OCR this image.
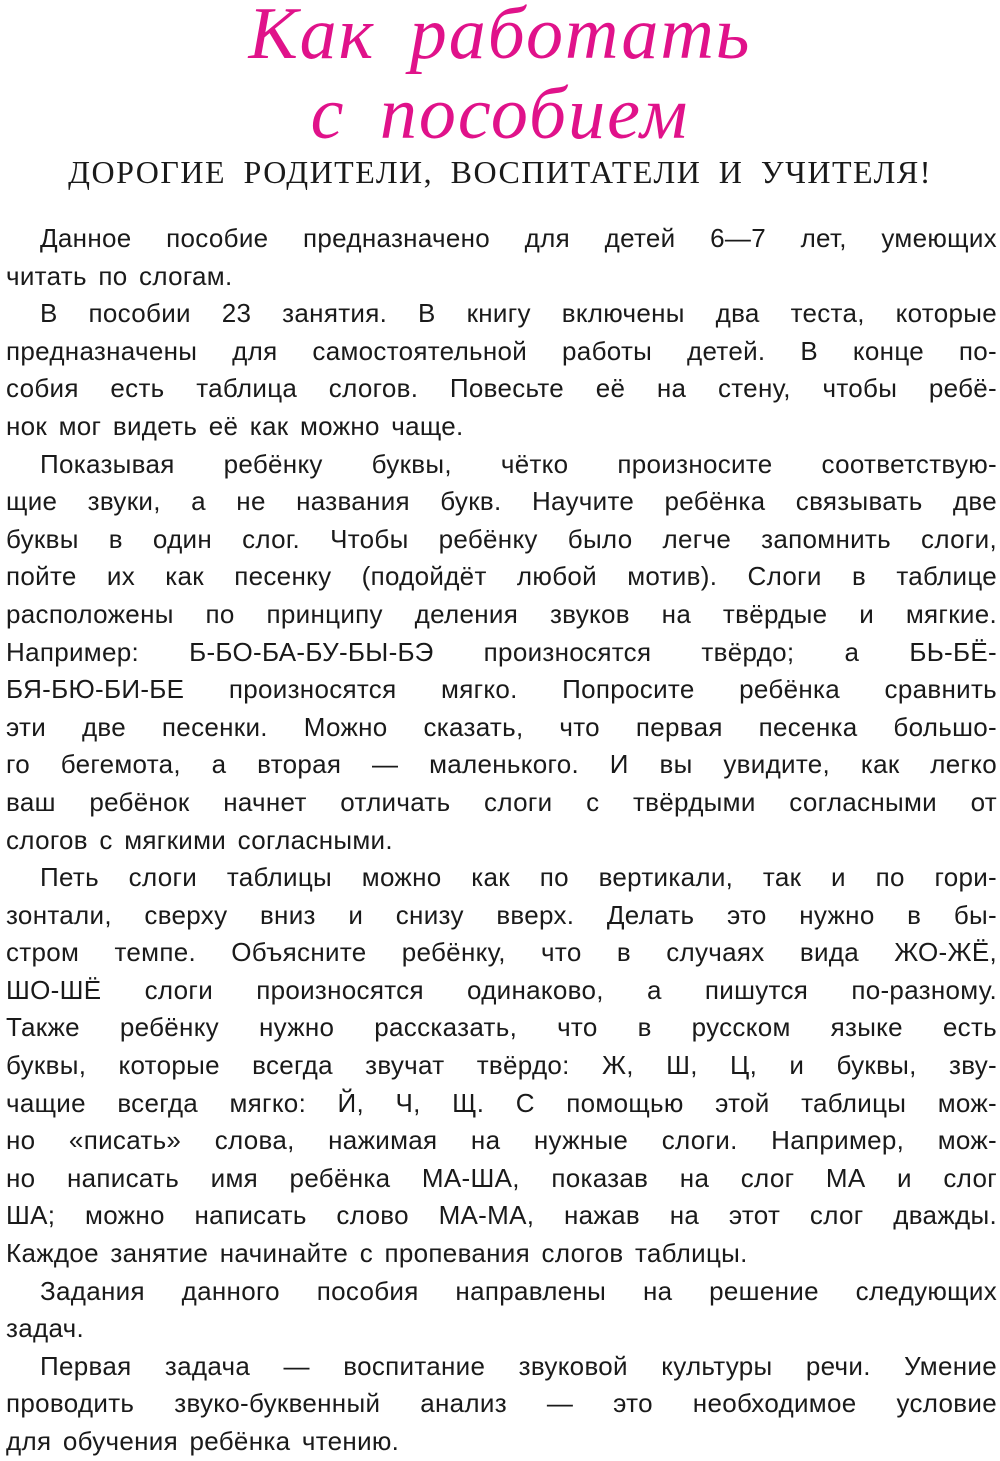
Как работать
с пособием
ДОРОГИЕ РОДИТЕЛИ, ВОСПИТАТЕЛИ И УЧИТЕЛЯ!
Данное пособие предназначено для детей 6—7 лет, умеющих
читать по слогам.
В пособии 23 занятия. В книгу включены два теста, которые
предназначены для самостоятельной работы детей. В конце по-
собия есть таблица слогов. Повесьте её на стену, чтобы ребё-
нок мог видеть её как можно чаще.
Показывая ребёнку буквы, чётко произносите соответствую-
щие звуки, а не названия букв. Научите ребёнка связывать две
буквы в один слог. Чтобы ребёнку было легче запомнить слоги,
пойте их как песенку (подойдёт любой мотив). Слоги в таблице
расположены по принципу деления звуков на твёрдые и мягкие.
Например: Б-БО-БА-БУ-БЫ-БЭ произносятся твёрдо; а БЬ-БЁ-
БЯ-БЮ-БИ-БЕ произносятся мягко. Попросите ребёнка сравнить
эти две песенки. Можно сказать, что первая песенка большо-
го бегемота, а вторая — маленького. И вы увидите, как легко
ваш ребёнок начнет отличать слоги с твёрдыми согласными от
слогов с мягкими согласными.
Петь слоги таблицы можно как по вертикали, так и по гори-
зонтали, сверху вниз и снизу вверх. Делать это нужно в бы-
стром темпе. Объясните ребёнку, что в случаях вида ЖО-ЖЁ,
ШО-ШЁ слоги произносятся одинаково, а пишутся по-разному.
Также ребёнку нужно рассказать, что в русском языке есть
буквы, которые всегда звучат твёрдо: Ж, Ш, Ц, и буквы, зву-
чащие всегда мягко: Й, Ч, Щ. С помощью этой таблицы мож-
но «писать» слова, нажимая на нужные слоги. Например, мож-
но написать имя ребёнка МА-ША, показав на слог МА и слог
ША; можно написать слово МА-МА, нажав на этот слог дважды.
Каждое занятие начинайте с пропевания слогов таблицы.
Задания данного пособия направлены на решение следующих
задач.
Первая задача — воспитание звуковой культуры речи. Умение
проводить звуко-буквенный анализ — это необходимое условие
для обучения ребёнка чтению.
